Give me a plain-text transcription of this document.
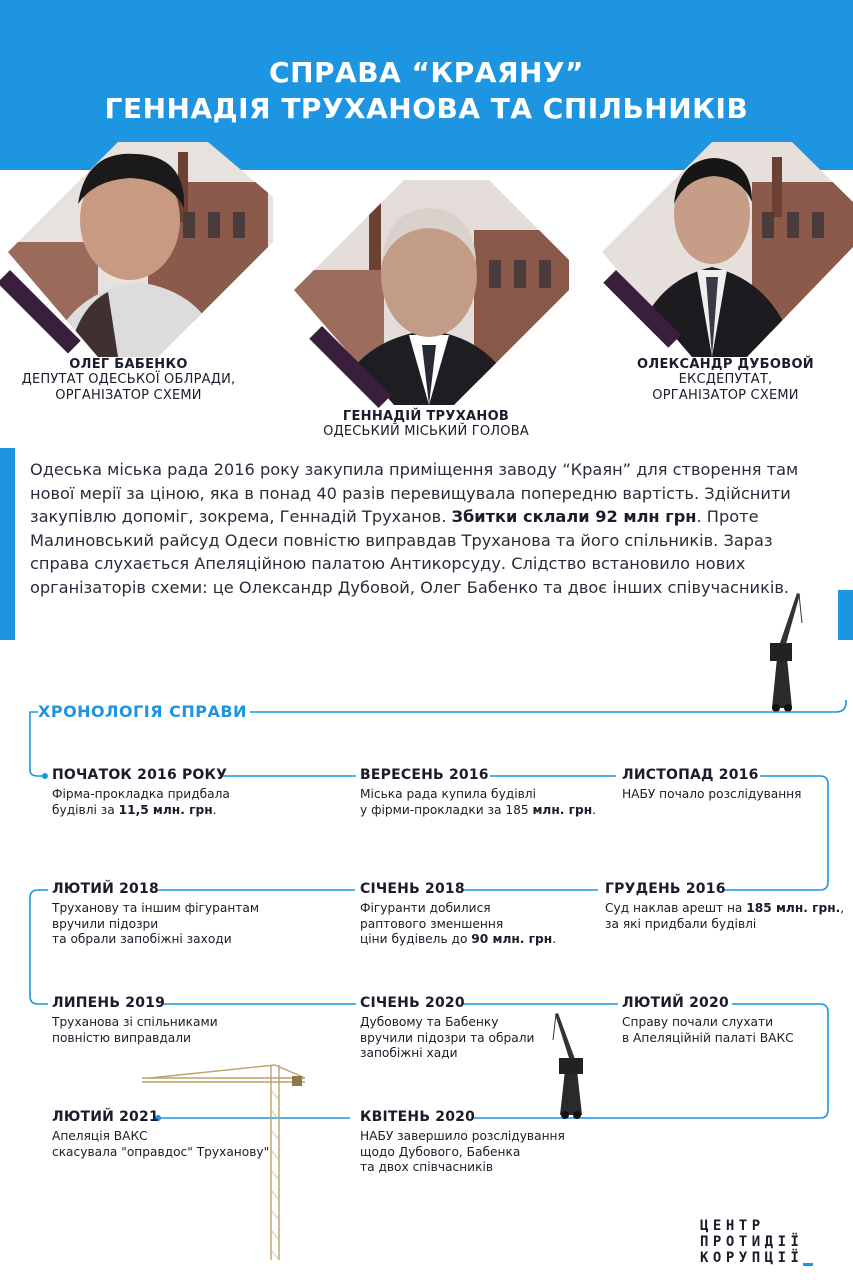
СПРАВА “КРАЯНУ”
ГЕННАДІЯ ТРУХАНОВА ТА СПІЛЬНИКІВ
ОЛЕГ БАБЕНКО
ДЕПУТАТ ОДЕСЬКОЇ ОБЛРАДИ,
ОРГАНІЗАТОР СХЕМИ
ГЕННАДІЙ ТРУХАНОВ
ОДЕСЬКИЙ МІСЬКИЙ ГОЛОВА
ОЛЕКСАНДР ДУБОВОЙ
ЕКСДЕПУТАТ,
ОРГАНІЗАТОР СХЕМИ
Одеська міська рада 2016 року закупила приміщення заводу “Краян” для створення там нової мерії за ціною, яка в понад 40 разів перевищувала попередню вартість. Здійснити закупівлю допоміг, зокрема, Геннадій Труханов. Збитки склали 92 млн грн. Проте Малиновський райсуд Одеси повністю виправдав Труханова та його спільників. Зараз справа слухається Апеляційною палатою Антикорсуду. Слідство встановило нових організаторів схеми: це Олександр Дубовой, Олег Бабенко та двоє інших співучасників.
ХРОНОЛОГІЯ СПРАВИ
ПОЧАТОК 2016 РОКУ
Фірма-прокладка придбала
будівлі за 11,5 млн. грн.
ВЕРЕСЕНЬ 2016
Міська рада купила будівлі
у фірми-прокладки за 185 млн. грн.
ЛИСТОПАД 2016
НАБУ почало розслідування
ЛЮТИЙ 2018
Труханову та іншим фігурантам
вручили підозри
та обрали запобіжні заходи
СІЧЕНЬ 2018
Фігуранти добилися
раптового зменшення
ціни будівель до 90 млн. грн.
ГРУДЕНЬ 2016
Суд наклав арешт на 185 млн. грн.,
за які придбали будівлі
ЛИПЕНЬ 2019
Труханова зі спільниками
повністю виправдали
СІЧЕНЬ 2020
Дубовому та Бабенку
вручили підозри та обрали
запобіжні хади
ЛЮТИЙ 2020
Справу почали слухати
в Апеляційній палаті ВАКС
ЛЮТИЙ 2021
Апеляція ВАКС
скасувала "оправдос" Труханову"
КВІТЕНЬ 2020
НАБУ завершило розслідування
щодо Дубового, Бабенка
та двох співчасників
ЦЕНТР
ПРОТИДІЇ
КОРУПЦІЇ
